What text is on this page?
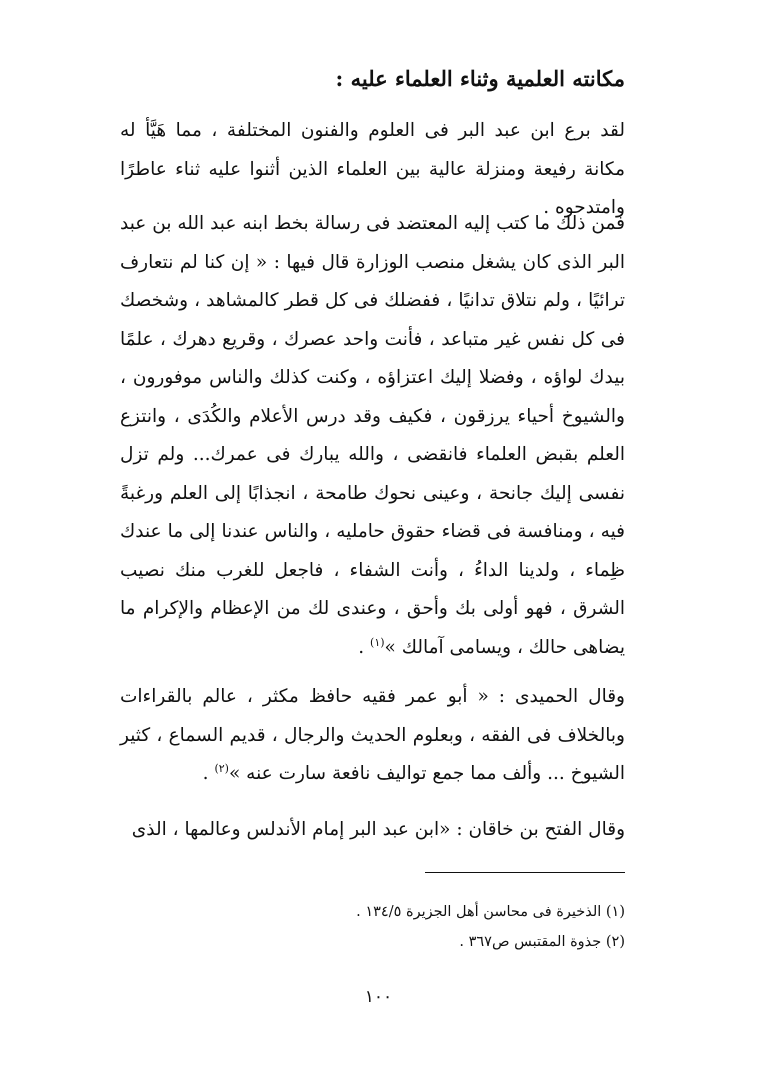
مكانته العلمية وثناء العلماء عليه :

لقد برع ابن عبد البر فى العلوم والفنون المختلفة ، مما هَيَّأ له مكانة رفيعة ومنزلة عالية بين العلماء الذين أثنوا عليه ثناء عاطرًا وامتدحوه .

فمن ذلك ما كتب إليه المعتضد فى رسالة بخط ابنه عبد الله بن عبد البر الذى كان يشغل منصب الوزارة قال فيها : « إن كنا لم نتعارف ترائيًا ، ولم نتلاق تدانيًا ، ففضلك فى كل قطر كالمشاهد ، وشخصك فى كل نفس غير متباعد ، فأنت واحد عصرك ، وقريع دهرك ، علمًا بيدك لواؤه ، وفضلا إليك اعتزاؤه ، وكنت كذلك والناس موفورون ، والشيوخ أحياء يرزقون ، فكيف وقد درس الأعلام والكُدَى ، وانتزع العلم بقبض العلماء فانقضى ، والله يبارك فى عمرك... ولم تزل نفسى إليك جانحة ، وعينى نحوك طامحة ، انجذابًا إلى العلم ورغبةً فيه ، ومنافسة فى قضاء حقوق حامليه ، والناس عندنا إلى ما عندك ظِماء ، ولدينا الداءُ ، وأنت الشفاء ، فاجعل للغرب منك نصيب الشرق ، فهو أولى بك وأحق ، وعندى لك من الإعظام والإكرام ما يضاهى حالك ، ويسامى آمالك »$^{(١)}$ .

وقال الحميدى : « أبو عمر فقيه حافظ مكثر ، عالم بالقراءات وبالخلاف فى الفقه ، وبعلوم الحديث والرجال ، قديم السماع ، كثير الشيوخ ... وألف مما جمع تواليف نافعة سارت عنه »$^{(٢)}$ .

وقال الفتح بن خاقان : «ابن عبد البر إمام الأندلس وعالمها ، الذى

(١) الذخيرة فى محاسن أهل الجزيرة ١٣٤/٥ .
(٢) جذوة المقتبس ص٣٦٧ .
١٠٠
